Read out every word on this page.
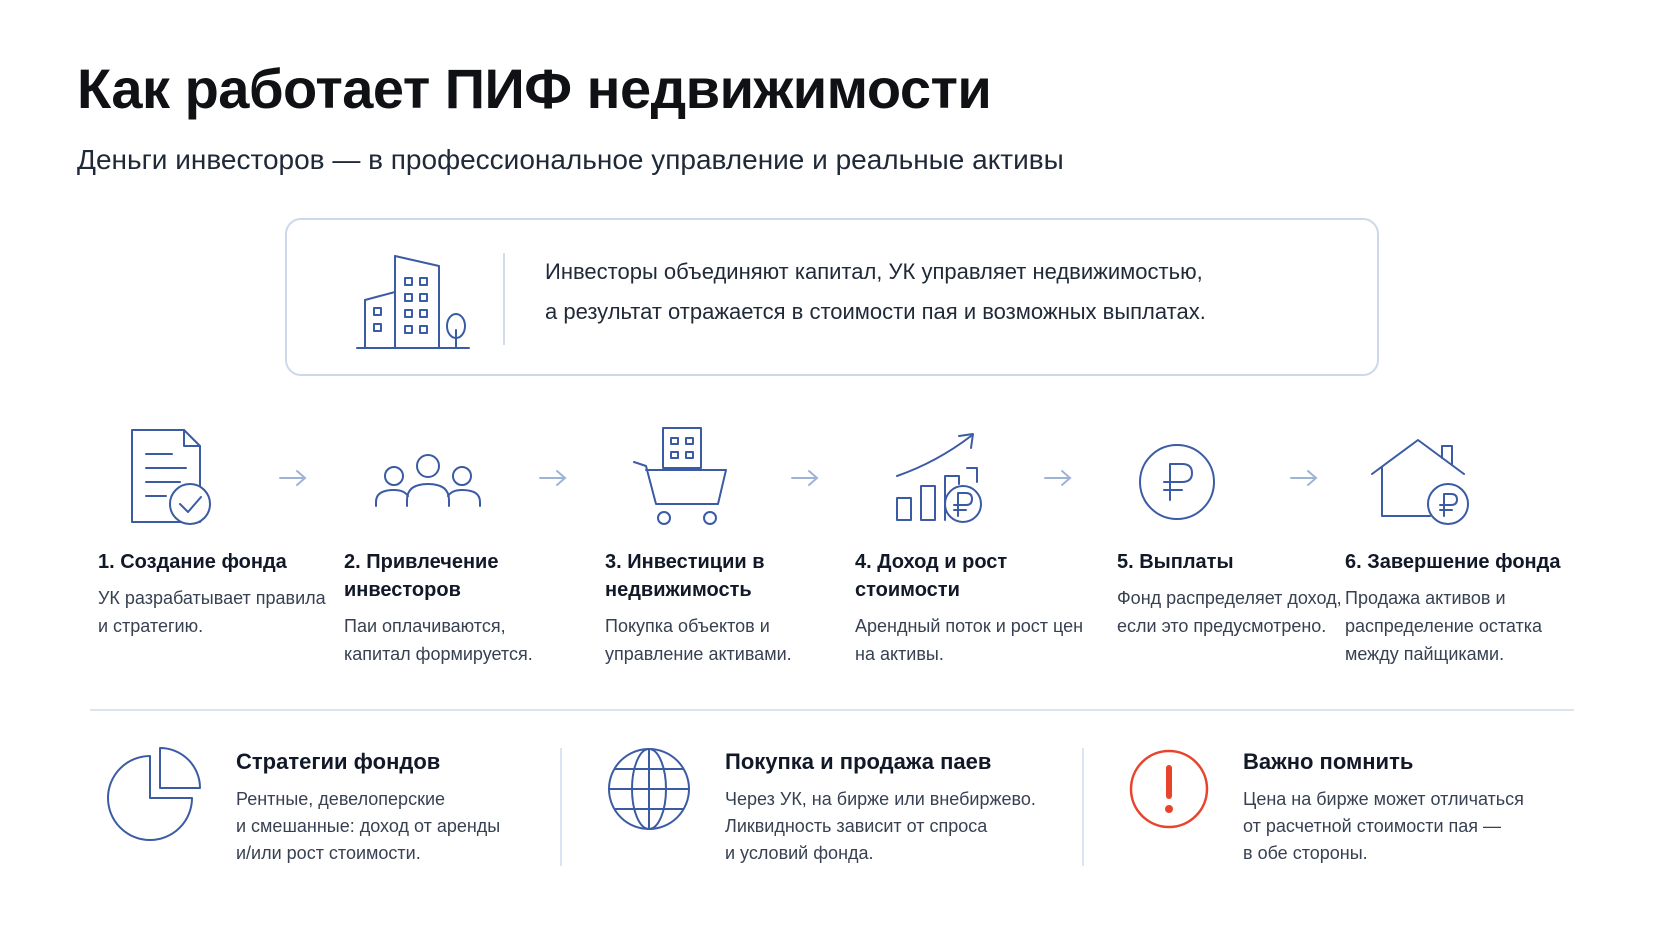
Как работает ПИФ недвижимости

Деньги инвесторов — в профессиональное управление и реальные активы

Инвесторы объединяют капитал, УК управляет недвижимостью,
а результат отражается в стоимости пая и возможных выплатах.

1. Создание фонда
УК разрабатывает правила и стратегию.
2. Привлечение инвесторов
Паи оплачиваются, капитал формируется.
3. Инвестиции в недвижимость
Покупка объектов и управление активами.
4. Доход и рост стоимости
Арендный поток и рост цен на активы.
5. Выплаты
Фонд распределяет доход, если это предусмотрено.
6. Завершение фонда
Продажа активов и распределение остатка между пайщиками.
Стратегии фондов
Рентные, девелоперские
и смешанные: доход от аренды
и/или рост стоимости.
Покупка и продажа паев
Через УК, на бирже или внебиржево.
Ликвидность зависит от спроса
и условий фонда.
Важно помнить
Цена на бирже может отличаться
от расчетной стоимости пая —
в обе стороны.
